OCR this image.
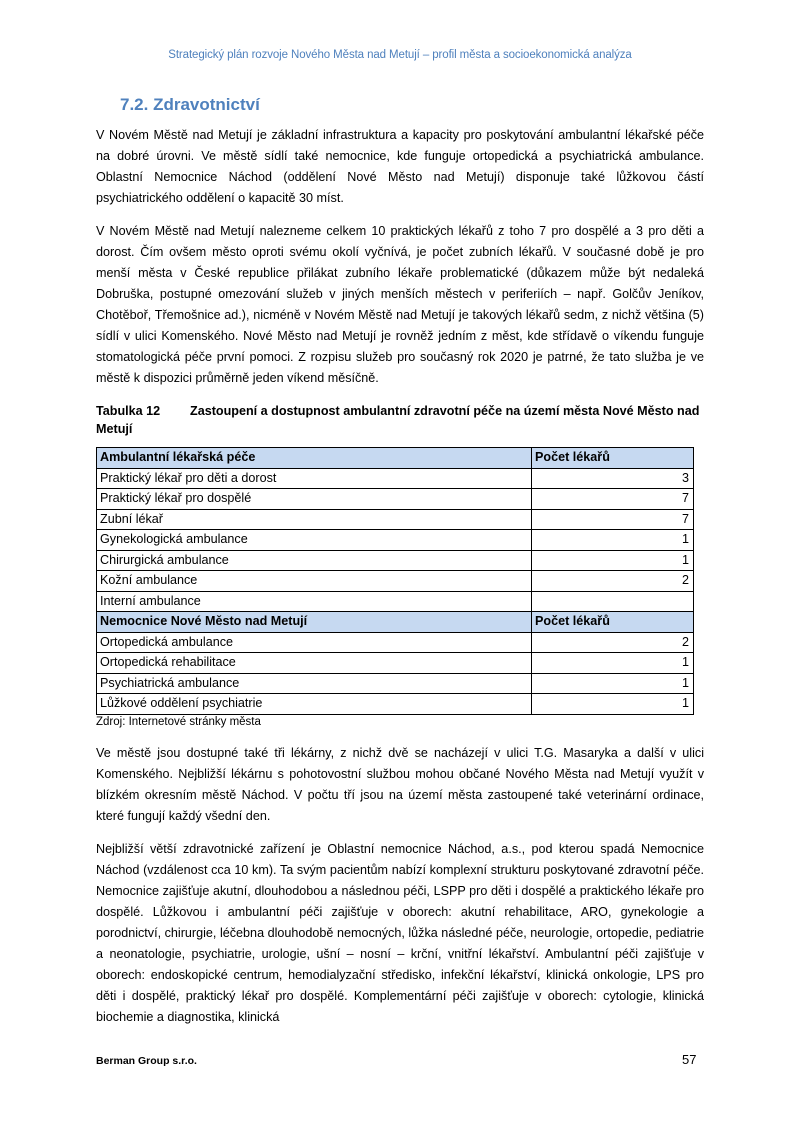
Strategický plán rozvoje Nového Města nad Metují – profil města a socioekonomická analýza
7.2. Zdravotnictví

V Novém Městě nad Metují je základní infrastruktura a kapacity pro poskytování ambulantní lékařské péče na dobré úrovni. Ve městě sídlí také nemocnice, kde funguje ortopedická a psychiatrická ambulance. Oblastní Nemocnice Náchod (oddělení Nové Město nad Metují) disponuje také lůžkovou částí psychiatrického oddělení o kapacitě 30 míst.

V Novém Městě nad Metují nalezneme celkem 10 praktických lékařů z toho 7 pro dospělé a 3 pro děti a dorost. Čím ovšem město oproti svému okolí vyčnívá, je počet zubních lékařů. V současné době je pro menší města v České republice přilákat zubního lékaře problematické (důkazem může být nedaleká Dobruška, postupné omezování služeb v jiných menších městech v periferiích – např. Golčův Jeníkov, Chotěboř, Třemošnice ad.), nicméně v Novém Městě nad Metují je takových lékařů sedm, z nichž většina (5) sídlí v ulici Komenského. Nové Město nad Metují je rovněž jedním z měst, kde střídavě o víkendu funguje stomatologická péče první pomoci. Z rozpisu služeb pro současný rok 2020 je patrné, že tato služba je ve městě k dispozici průměrně jeden víkend měsíčně.

Tabulka 12 Zastoupení a dostupnost ambulantní zdravotní péče na území města Nové Město nad Metují
Ambulantní lékařská péče	Počet lékařů
Praktický lékař pro děti a dorost	3
Praktický lékař pro dospělé	7
Zubní lékař	7
Gynekologická ambulance	1
Chirurgická ambulance	1
Kožní ambulance	2
Interní ambulance	
Nemocnice Nové Město nad Metují	Počet lékařů
Ortopedická ambulance	2
Ortopedická rehabilitace	1
Psychiatrická ambulance	1
Lůžkové oddělení psychiatrie	1
Zdroj: Internetové stránky města

Ve městě jsou dostupné také tři lékárny, z nichž dvě se nacházejí v ulici T.G. Masaryka a další v ulici Komenského. Nejbližší lékárnu s pohotovostní službou mohou občané Nového Města nad Metují využít v blízkém okresním městě Náchod. V počtu tří jsou na území města zastoupené také veterinární ordinace, které fungují každý všední den.

Nejbližší větší zdravotnické zařízení je Oblastní nemocnice Náchod, a.s., pod kterou spadá Nemocnice Náchod (vzdálenost cca 10 km). Ta svým pacientům nabízí komplexní strukturu poskytované zdravotní péče. Nemocnice zajišťuje akutní, dlouhodobou a následnou péči, LSPP pro děti i dospělé a praktického lékaře pro dospělé. Lůžkovou i ambulantní péči zajišťuje v oborech: akutní rehabilitace, ARO, gynekologie a porodnictví, chirurgie, léčebna dlouhodobě nemocných, lůžka následné péče, neurologie, ortopedie, pediatrie a neonatologie, psychiatrie, urologie, ušní – nosní – krční, vnitřní lékařství. Ambulantní péči zajišťuje v oborech: endoskopické centrum, hemodialyzační středisko, infekční lékařství, klinická onkologie, LPS pro děti i dospělé, praktický lékař pro dospělé. Komplementární péči zajišťuje v oborech: cytologie, klinická biochemie a diagnostika, klinická

Berman Group s.r.o.	57
